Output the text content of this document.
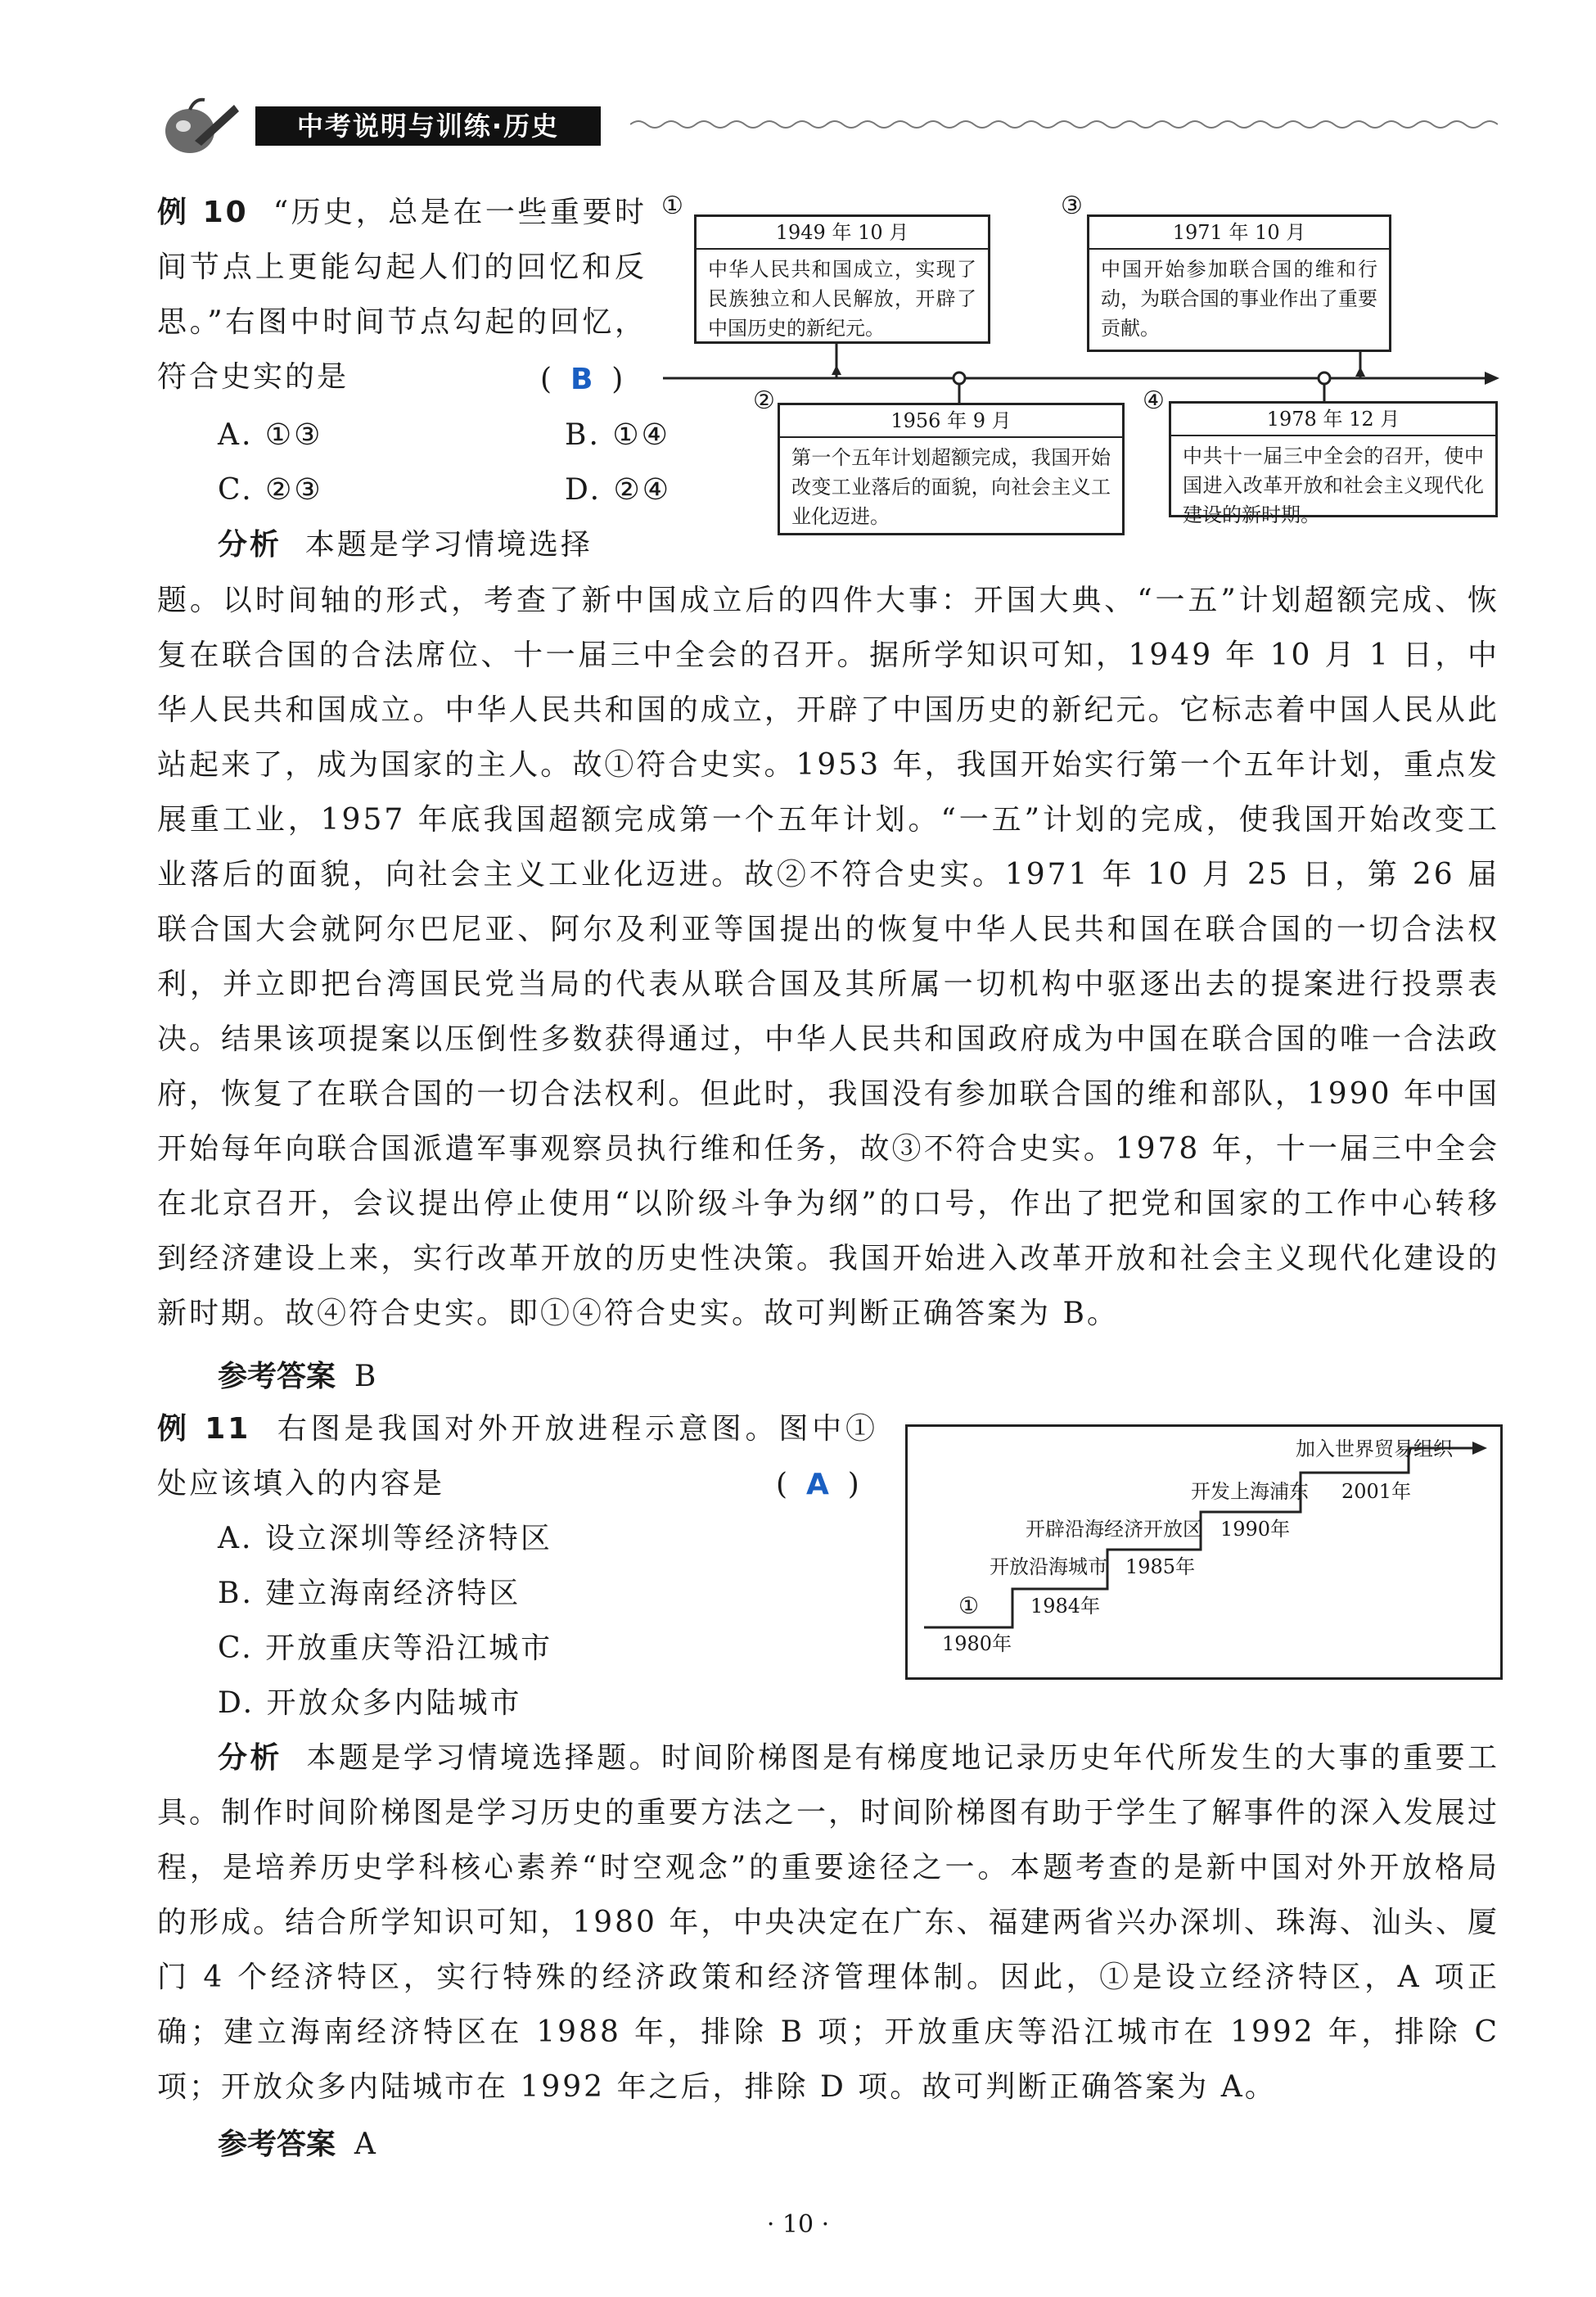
中考说明与训练·历史
例 10 “历史，总是在一些重要时间节点上更能勾起人们的回忆和反思。”右图中时间节点勾起的回忆，符合史实的是	(  B  )
A. ①③	B. ①④
C. ②③	D. ②④
①
1949 年 10 月
中华人民共和国成立，实现了民族独立和人民解放，开辟了中国历史的新纪元。
③
1971 年 10 月
中国开始参加联合国的维和行动，为联合国的事业作出了重要贡献。
②
1956 年 9 月
第一个五年计划超额完成，我国开始改变工业落后的面貌，向社会主义工业化迈进。
④
1978 年 12 月
中共十一届三中全会的召开，使中国进入改革开放和社会主义现代化建设的新时期。
分析 本题是学习情境选择
题。以时间轴的形式，考查了新中国成立后的四件大事：开国大典、“一五”计划超额完成、恢复在联合国的合法席位、十一届三中全会的召开。据所学知识可知，1949 年 10 月 1 日，中华人民共和国成立。中华人民共和国的成立，开辟了中国历史的新纪元。它标志着中国人民从此站起来了，成为国家的主人。故①符合史实。1953 年，我国开始实行第一个五年计划，重点发展重工业，1957 年底我国超额完成第一个五年计划。“一五”计划的完成，使我国开始改变工业落后的面貌，向社会主义工业化迈进。故②不符合史实。1971 年 10 月 25 日，第 26 届联合国大会就阿尔巴尼亚、阿尔及利亚等国提出的恢复中华人民共和国在联合国的一切合法权利，并立即把台湾国民党当局的代表从联合国及其所属一切机构中驱逐出去的提案进行投票表决。结果该项提案以压倒性多数获得通过，中华人民共和国政府成为中国在联合国的唯一合法政府，恢复了在联合国的一切合法权利。但此时，我国没有参加联合国的维和部队，1990 年中国开始每年向联合国派遣军事观察员执行维和任务，故③不符合史实。1978 年，十一届三中全会在北京召开，会议提出停止使用“以阶级斗争为纲”的口号，作出了把党和国家的工作中心转移到经济建设上来，实行改革开放的历史性决策。我国开始进入改革开放和社会主义现代化建设的新时期。故④符合史实。即①④符合史实。故可判断正确答案为 B。
参考答案 B
例 11 右图是我国对外开放进程示意图。图中①处应该填入的内容是	(  A  )
A. 设立深圳等经济特区
B. 建立海南经济特区
C. 开放重庆等沿江城市
D. 开放众多内陆城市
1980年
①	1984年
开放沿海城市 1985年
开辟沿海经济开放区 1990年
开发上海浦东 2001年
加入世界贸易组织
分析 本题是学习情境选择题。时间阶梯图是有梯度地记录历史年代所发生的大事的重要工具。制作时间阶梯图是学习历史的重要方法之一，时间阶梯图有助于学生了解事件的深入发展过程，是培养历史学科核心素养“时空观念”的重要途径之一。本题考查的是新中国对外开放格局的形成。结合所学知识可知，1980 年，中央决定在广东、福建两省兴办深圳、珠海、汕头、厦门 4 个经济特区，实行特殊的经济政策和经济管理体制。因此，①是设立经济特区，A 项正确；建立海南经济特区在 1988 年，排除 B 项；开放重庆等沿江城市在 1992 年，排除 C 项；开放众多内陆城市在 1992 年之后，排除 D 项。故可判断正确答案为 A。
参考答案 A
· 10 ·
